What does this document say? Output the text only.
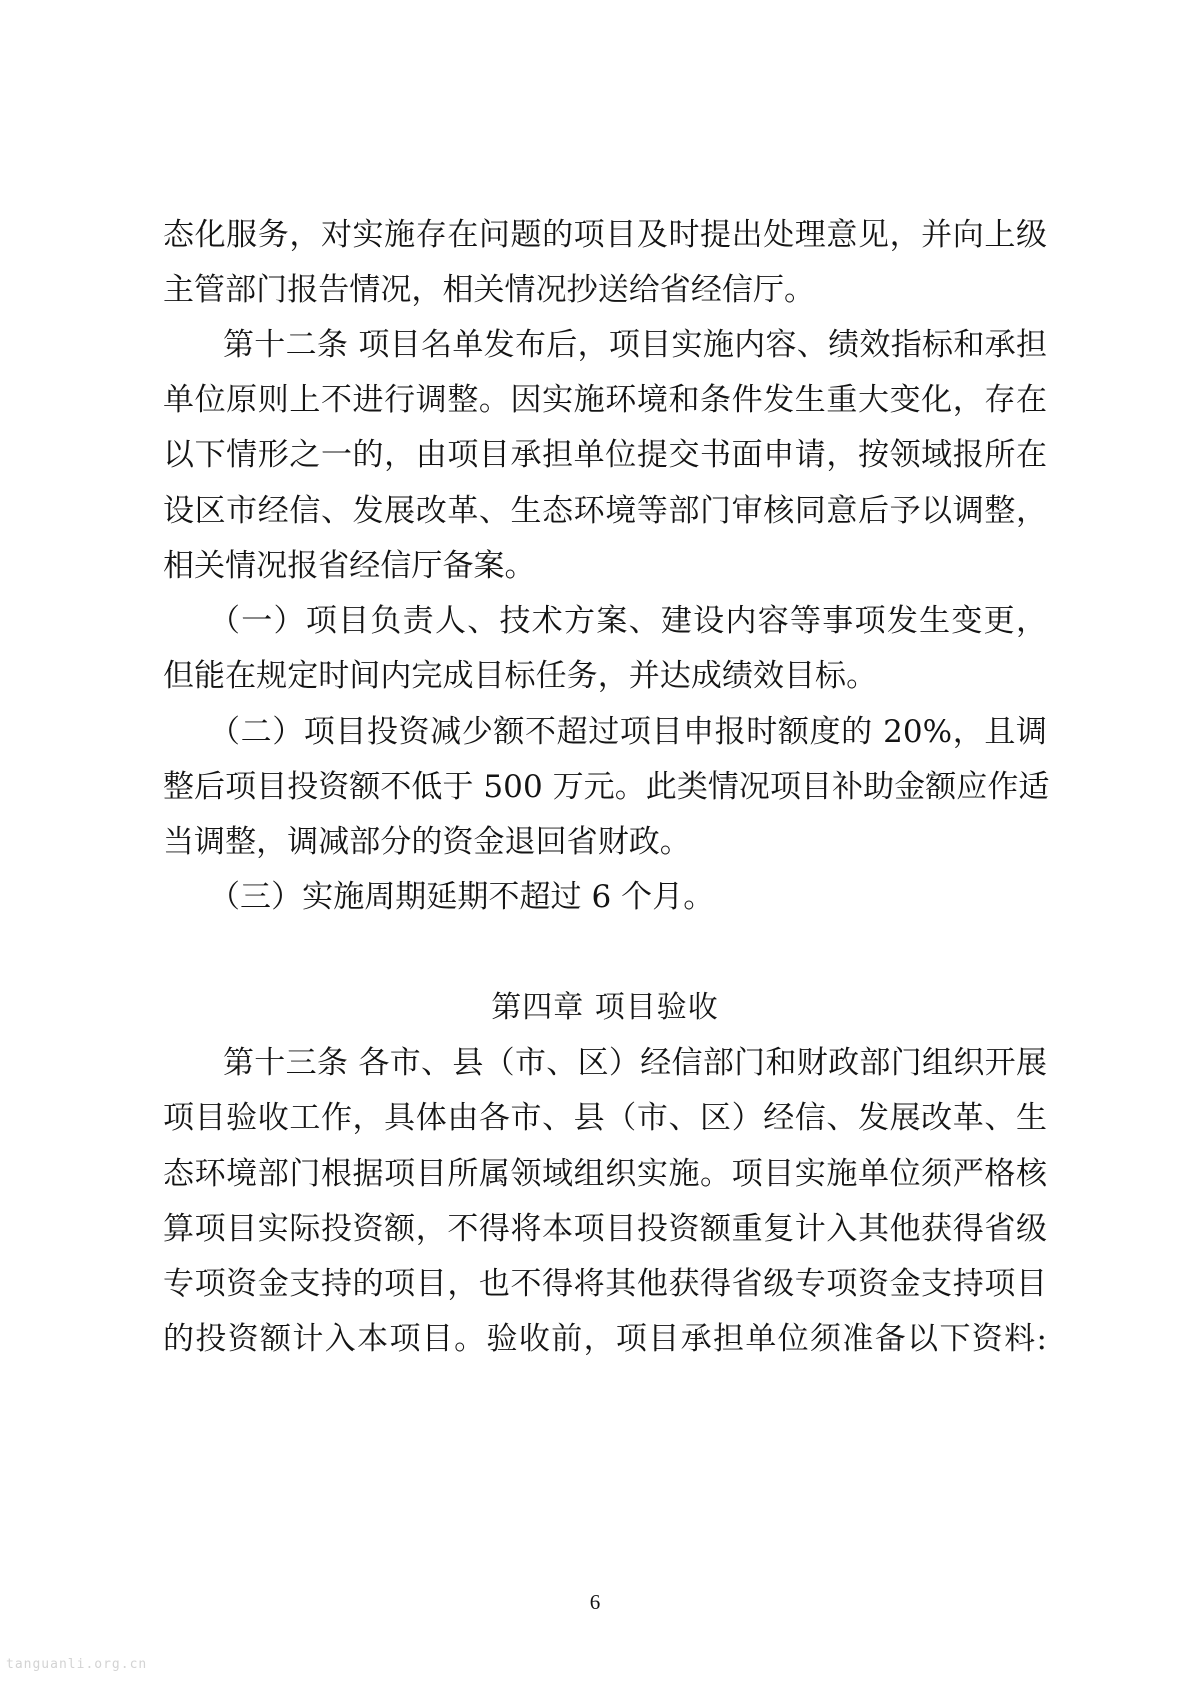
态化服务，对实施存在问题的项目及时提出处理意见，并向上级
主管部门报告情况，相关情况抄送给省经信厅。
第十二条 项目名单发布后，项目实施内容、绩效指标和承担
单位原则上不进行调整。因实施环境和条件发生重大变化，存在
以下情形之一的，由项目承担单位提交书面申请，按领域报所在
设区市经信、发展改革、生态环境等部门审核同意后予以调整，
相关情况报省经信厅备案。
（一）项目负责人、技术方案、建设内容等事项发生变更，
但能在规定时间内完成目标任务，并达成绩效目标。
（二）项目投资减少额不超过项目申报时额度的 20%，且调
整后项目投资额不低于 500 万元。此类情况项目补助金额应作适
当调整，调减部分的资金退回省财政。
（三）实施周期延期不超过 6 个月。
第四章 项目验收
第十三条 各市、县（市、区）经信部门和财政部门组织开展
项目验收工作，具体由各市、县（市、区）经信、发展改革、生
态环境部门根据项目所属领域组织实施。项目实施单位须严格核
算项目实际投资额，不得将本项目投资额重复计入其他获得省级
专项资金支持的项目，也不得将其他获得省级专项资金支持项目
的投资额计入本项目。验收前，项目承担单位须准备以下资料:
6
tanguanli.org.cn
